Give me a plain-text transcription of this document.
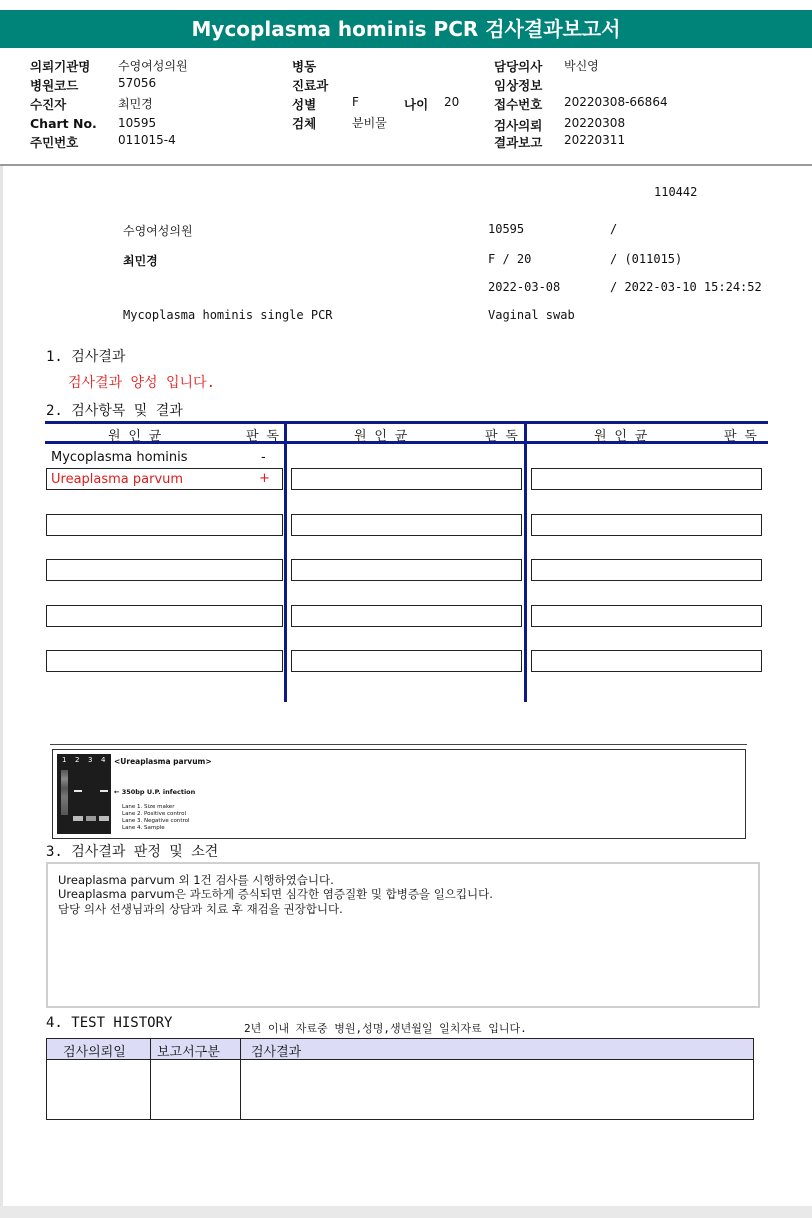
Mycoplasma hominis PCR 검사결과보고서
의뢰기관명 수영여성의원
병원코드	57056
수진자	최민경
Chart No. 10595
주민번호	011015-4
병동
진료과
성별	F	나이 20
검체	분비물
담당의사 박신영
임상정보
접수번호 20220308-66864
검사의뢰 20220308
결과보고 20220311
110442
수영여성의원	10595	/
최민경	F / 20	/ (011015)
2022-03-08	/ 2022-03-10 15:24:52
Mycoplasma hominis single PCR	Vaginal swab
1. 검사결과
검사결과 양성 입니다.
2. 검사항목 및 결과
원 인 균	판 독	원 인 균	판 독	원 인 균	판 독
Mycoplasma hominis	-
Ureaplasma parvum	+
1 2 3 4 <Ureaplasma parvum>
← 350bp U.P. infection
Lane 1. Size maker
Lane 2. Positive control
Lane 3. Negative control
Lane 4. Sample
3. 검사결과 판정 및 소견
Ureaplasma parvum 외 1건 검사를 시행하였습니다.
Ureaplasma parvum은 과도하게 증식되면 심각한 염증질환 및 합병증을 일으킵니다.
담당 의사 선생님과의 상담과 치료 후 재검을 권장합니다.
4. TEST HISTORY	2년 이내 자료중 병원,성명,생년월일 일치자료 입니다.
검사의뢰일 보고서구분 검사결과
